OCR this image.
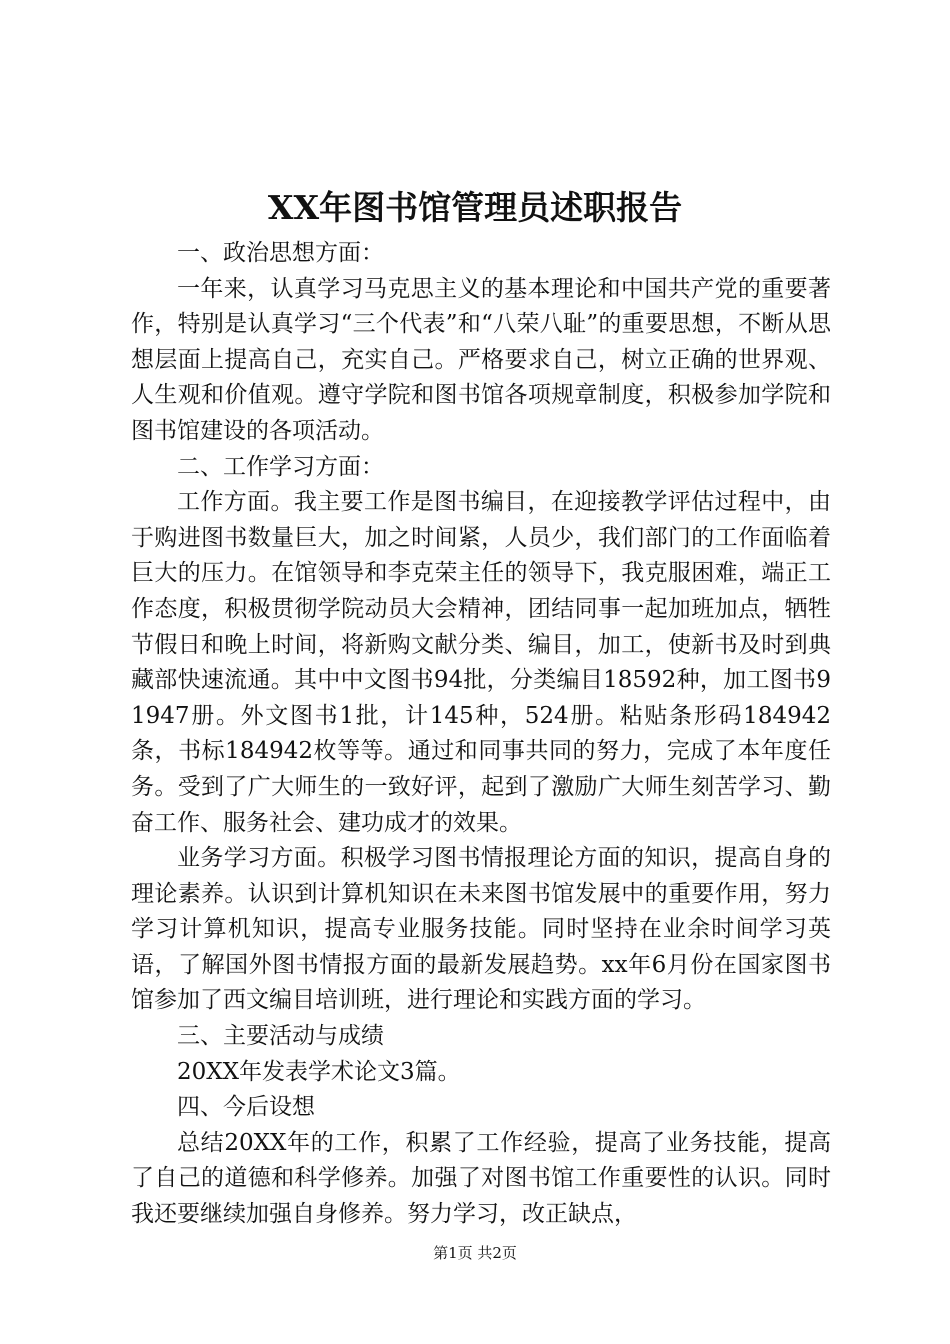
XX年图书馆管理员述职报告

一、政治思想方面：

一年来，认真学习马克思主义的基本理论和中国共产党的重要著作，特别是认真学习“三个代表”和“八荣八耻”的重要思想，不断从思想层面上提高自己，充实自己。严格要求自己，树立正确的世界观、人生观和价值观。遵守学院和图书馆各项规章制度，积极参加学院和图书馆建设的各项活动。

二、工作学习方面：

工作方面。我主要工作是图书编目，在迎接教学评估过程中，由于购进图书数量巨大，加之时间紧，人员少，我们部门的工作面临着巨大的压力。在馆领导和李克荣主任的领导下，我克服困难，端正工作态度，积极贯彻学院动员大会精神，团结同事一起加班加点，牺牲节假日和晚上时间，将新购文献分类、编目，加工，使新书及时到典藏部快速流通。其中中文图书94批，分类编目18592种，加工图书91947册。外文图书1批，计145种，524册。粘贴条形码184942条，书标184942枚等等。通过和同事共同的努力，完成了本年度任务。受到了广大师生的一致好评，起到了激励广大师生刻苦学习、勤奋工作、服务社会、建功成才的效果。

业务学习方面。积极学习图书情报理论方面的知识，提高自身的理论素养。认识到计算机知识在未来图书馆发展中的重要作用，努力学习计算机知识，提高专业服务技能。同时坚持在业余时间学习英语，了解国外图书情报方面的最新发展趋势。xx年6月份在国家图书馆参加了西文编目培训班，进行理论和实践方面的学习。

三、主要活动与成绩

20XX年发表学术论文3篇。

四、今后设想

总结20XX年的工作，积累了工作经验，提高了业务技能，提高了自己的道德和科学修养。加强了对图书馆工作重要性的认识。同时我还要继续加强自身修养。努力学习，改正缺点，

第1页 共2页
